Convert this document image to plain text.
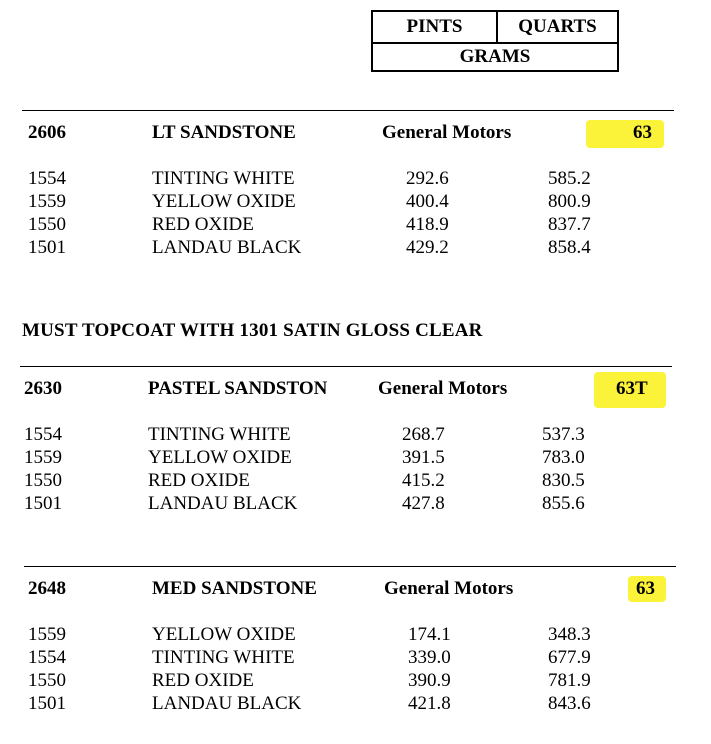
PINTS	QUARTS
GRAMS
2606	LT SANDSTONE	General Motors	63
1554	TINTING WHITE	292.6	585.2
1559	YELLOW OXIDE	400.4	800.9
1550	RED OXIDE	418.9	837.7
1501	LANDAU BLACK	429.2	858.4
MUST TOPCOAT WITH 1301 SATIN GLOSS CLEAR
2630	PASTEL SANDSTON	General Motors	63T
1554	TINTING WHITE	268.7	537.3
1559	YELLOW OXIDE	391.5	783.0
1550	RED OXIDE	415.2	830.5
1501	LANDAU BLACK	427.8	855.6
2648	MED SANDSTONE	General Motors	63
1559	YELLOW OXIDE	174.1	348.3
1554	TINTING WHITE	339.0	677.9
1550	RED OXIDE	390.9	781.9
1501	LANDAU BLACK	421.8	843.6
